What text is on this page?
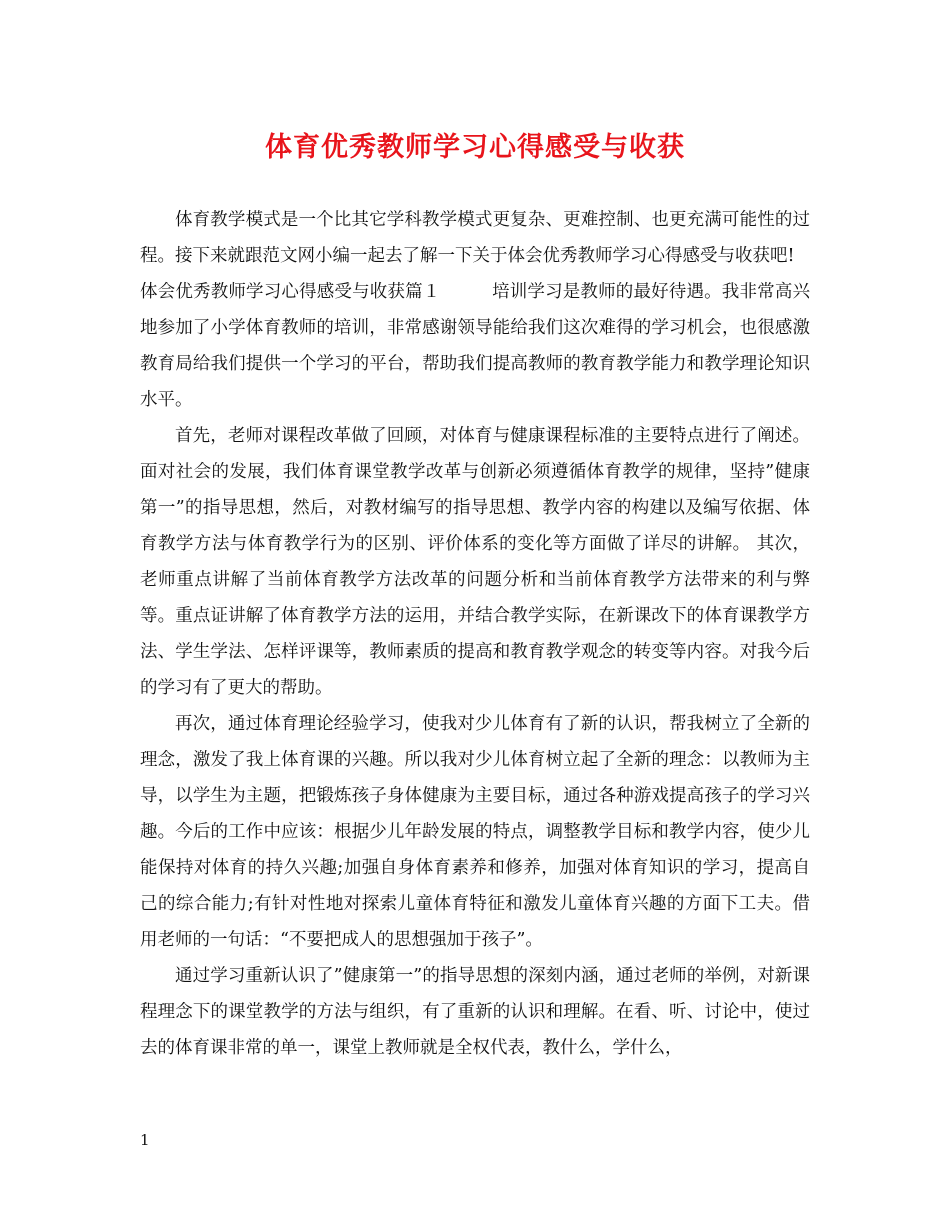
体育优秀教师学习心得感受与收获

体育教学模式是一个比其它学科教学模式更复杂、更难控制、也更充满可能性的过程。接下来就跟范文网小编一起去了解一下关于体会优秀教师学习心得感受与收获吧!

体会优秀教师学习心得感受与收获篇１	培训学习是教师的最好待遇。我非常高兴地参加了小学体育教师的培训，非常感谢领导能给我们这次难得的学习机会，也很感激教育局给我们提供一个学习的平台，帮助我们提高教师的教育教学能力和教学理论知识水平。

首先，老师对课程改革做了回顾，对体育与健康课程标准的主要特点进行了阐述。面对社会的发展，我们体育课堂教学改革与创新必须遵循体育教学的规律，坚持”健康第一”的指导思想，然后，对教材编写的指导思想、教学内容的构建以及编写依据、体育教学方法与体育教学行为的区别、评价体系的变化等方面做了详尽的讲解。 其次，老师重点讲解了当前体育教学方法改革的问题分析和当前体育教学方法带来的利与弊等。重点证讲解了体育教学方法的运用，并结合教学实际，在新课改下的体育课教学方法、学生学法、怎样评课等，教师素质的提高和教育教学观念的转变等内容。对我今后的学习有了更大的帮助。

再次，通过体育理论经验学习，使我对少儿体育有了新的认识，帮我树立了全新的理念，激发了我上体育课的兴趣。所以我对少儿体育树立起了全新的理念：以教师为主导，以学生为主题，把锻炼孩子身体健康为主要目标，通过各种游戏提高孩子的学习兴趣。今后的工作中应该：根据少儿年龄发展的特点，调整教学目标和教学内容，使少儿能保持对体育的持久兴趣;加强自身体育素养和修养，加强对体育知识的学习，提高自己的综合能力;有针对性地对探索儿童体育特征和激发儿童体育兴趣的方面下工夫。借用老师的一句话：“不要把成人的思想强加于孩子”。

通过学习重新认识了”健康第一”的指导思想的深刻内涵，通过老师的举例，对新课程理念下的课堂教学的方法与组织，有了重新的认识和理解。在看、听、讨论中，使过去的体育课非常的单一，课堂上教师就是全权代表，教什么，学什么，

1
